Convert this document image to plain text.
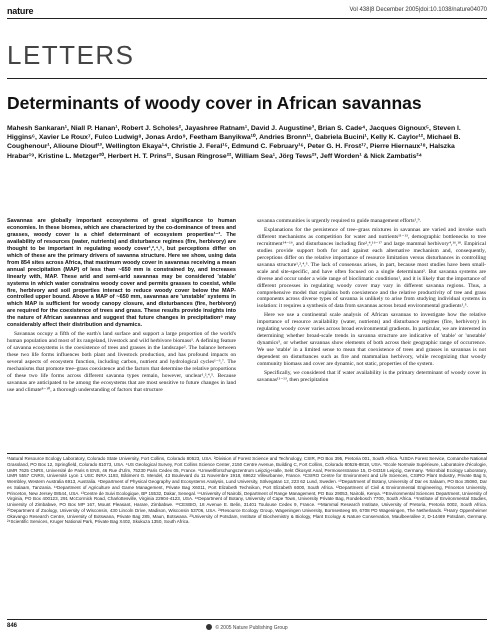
nature	Vol 438|8 December 2005|doi:10.1038/nature04070
LETTERS
Determinants of woody cover in African savannas
Mahesh Sankaran¹, Niall P. Hanan¹, Robert J. Scholes², Jayashree Ratnam¹, David J. Augustine³, Brian S. Cade⁴, Jacques Gignoux⁵, Steven I. Higgins⁶, Xavier Le Roux⁷, Fulco Ludwig⁸, Jonas Ardo⁹, Feetham Banyikwa¹⁰, Andries Bronn¹¹, Gabriela Bucini¹, Kelly K. Caylor¹², Michael B. Coughenour¹, Alioune Diouf¹³, Wellington Ekaya¹⁴, Christie J. Feral¹⁵, Edmund C. February¹⁶, Peter G. H. Frost¹⁷, Pierre Hiernaux¹⁸, Halszka Hrabar¹⁹, Kristine L. Metzger²⁰, Herbert H. T. Prins²¹, Susan Ringrose²², William Sea¹, Jörg Tews²³, Jeff Worden¹ & Nick Zambatis²⁴

Savannas are globally important ecosystems of great significance to human economies. In these biomes, which are characterized by the co-dominance of trees and grasses, woody cover is a chief determinant of ecosystem properties¹⁻³. The availability of resources (water, nutrients) and disturbance regimes (fire, herbivory) are thought to be important in regulating woody cover¹,²,⁴,⁵, but perceptions differ on which of these are the primary drivers of savanna structure. Here we show, using data from 854 sites across Africa, that maximum woody cover in savannas receiving a mean annual precipitation (MAP) of less than ~650 mm is constrained by, and increases linearly with, MAP. These arid and semi-arid savannas may be considered 'stable' systems in which water constrains woody cover and permits grasses to coexist, while fire, herbivory and soil properties interact to reduce woody cover below the MAP-controlled upper bound. Above a MAP of ~650 mm, savannas are 'unstable' systems in which MAP is sufficient for woody canopy closure, and disturbances (fire, herbivory) are required for the coexistence of trees and grass. These results provide insights into the nature of African savannas and suggest that future changes in precipitation⁶ may considerably affect their distribution and dynamics.

Savannas occupy a fifth of the earth's land surface and support a large proportion of the world's human population and most of its rangeland, livestock and wild herbivore biomass¹. A defining feature of savanna ecosystems is the coexistence of trees and grasses in the landscape². The balance between these two life forms influences both plant and livestock production, and has profound impacts on several aspects of ecosystem function, including carbon, nutrient and hydrological cycles¹⁻³,⁷. The mechanisms that promote tree–grass coexistence and the factors that determine the relative proportions of these two life forms across different savanna types remain, however, unclear¹,²,⁴,⁵. Because savannas are anticipated to be among the ecosystems that are most sensitive to future changes in land use and climate⁸⁻¹⁰, a thorough understanding of factors that structure

savanna communities is urgently required to guide management efforts¹,⁹.

Explanations for the persistence of tree–grass mixtures in savannas are varied and invoke such different mechanisms as competition for water and nutrients¹¹⁻¹³, demographic bottlenecks to tree recruitment¹⁴⁻¹⁶, and disturbances including fire²,⁴,¹⁶⁻¹⁷ and large mammal herbivory⁴,¹⁶,¹⁸. Empirical studies provide support both for and against each alternative mechanism and, consequently, perceptions differ on the relative importance of resource limitation versus disturbances in controlling savanna structure¹,²,⁴,⁵. The lack of consensus arises, in part, because most studies have been small-scale and site-specific, and have often focused on a single determinant². But savanna systems are diverse and occur under a wide range of bioclimatic conditions¹, and it is likely that the importance of different processes in regulating woody cover may vary in different savanna regions. Thus, a comprehensive model that explains both coexistence and the relative productivity of tree and grass components across diverse types of savanna is unlikely to arise from studying individual systems in isolation: it requires a synthesis of data from savannas across broad environmental gradients¹,⁵.

Here we use a continental scale analysis of African savannas to investigate how the relative importance of resource availability (water, nutrients) and disturbance regimes (fire, herbivory) in regulating woody cover varies across broad environmental gradients. In particular, we are interested in determining whether broad-scale trends in savanna structure are indicative of 'stable' or 'unstable' dynamics⁵, or whether savannas show elements of both across their geographic range of occurrence. We use 'stable' in a limited sense to mean that coexistence of trees and grasses in savannas is not dependent on disturbances such as fire and mammalian herbivory, while recognizing that woody community biomass and cover are dynamic, not static, properties of the system.

Specifically, we considered that if water availability is the primary determinant of woody cover in savannas¹¹⁻¹³, then precipitation

¹Natural Resource Ecology Laboratory, Colorado State University, Fort Collins, Colorado 80523, USA. ²Division of Forest Science and Technology, CSIR, PO Box 395, Pretoria 001, South Africa. ³USDA Forest Service, Comanche National Grassland, PO Box 12, Springfield, Colorado 81073, USA. ⁴US Geological Survey, Fort Collins Science Center, 2150 Centre Avenue, Building C, Fort Collins, Colorado 80526-8818, USA. ⁵Ecole Normale Supérieure, Laboratoire d'écologie, UMR 7625 CNRS, Université de Paris 6 ENS, 46 Rue d'Ulm, 75230 Paris Cedex 05, France. ⁶Umweltforschungszentrum Leipzig-Halle, Sekt Ökosyst Anal, Permoserstrasse 15, D-04318 Leipzig, Germany. ⁷Microbial Ecology Laboratory, UMR 5557 CNRS, Université Lyon 1 USC INRA 1193, Bâtiment G. Mendel, 43 Boulevard du 11 Novembre 1918, 69622 Villeurbanne, France. ⁸CSIRO Centre for Environment and Life Sciences, CSIRO Plant Industry, Private Bag 5, Wembley, Western Australia 6913, Australia. ⁹Department of Physical Geography and Ecosystems Analysis, Lund University, Sölvegatan 12, 223 62 Lund, Sweden. ¹⁰Department of Botany, University of Dar es Salaam, PO Box 35060, Dar es Salaam, Tanzania. ¹¹Department of Agriculture and Game Management, Private Bag X6011, Port Elizabeth Technikon, Port Elizabeth 6000, South Africa. ¹²Department of Civil & Environmental Engineering, Princeton University, Princeton, New Jersey 08544, USA. ¹³Centre de Suivi Ecologique, BP 15532, Dakar, Senegal. ¹⁴University of Nairobi, Department of Range Management, PO Box 29053, Nairobi, Kenya. ¹⁵Environmental Sciences Department, University of Virginia, PO Box 400123, 291 McCormick Road, Charlottesville, Virginia 22904-4123, USA. ¹⁶Department of Botany, University of Cape Town, University Private Bag, Rondebosch 7700, South Africa. ¹⁷Institute of Environmental Studies, University of Zimbabwe, PO Box MP 167, Mount Pleasant, Harare, Zimbabwe. ¹⁸CESBIO, 18 Avenue E. Belin, 31401 Toulouse Cedex 9, France. ¹⁹Mammal Research Institute, University of Pretoria, Pretoria 0002, South Africa. ²⁰Department of Zoology, University of Wisconsin, 430 Lincoln Drive, Madison, Wisconsin 53706, USA. ²¹Resource Ecology Group, Wageningen University, Bornsesteeg 69, 6708 PD Wageningen, The Netherlands. ²²Harry Oppenheimer Okavango Research Centre, University of Botswana, Private Bag 285, Maun, Botswana. ²³University of Potsdam, Institute of Biochemistry & Biology, Plant Ecology & Nature Conservation, Maulbeerallee 2, D-14469 Potsdam, Germany. ²⁴Scientific Services, Kruger National Park, Private Bag X402, Skukuza 1350, South Africa.
846	© 2005 Nature Publishing Group
